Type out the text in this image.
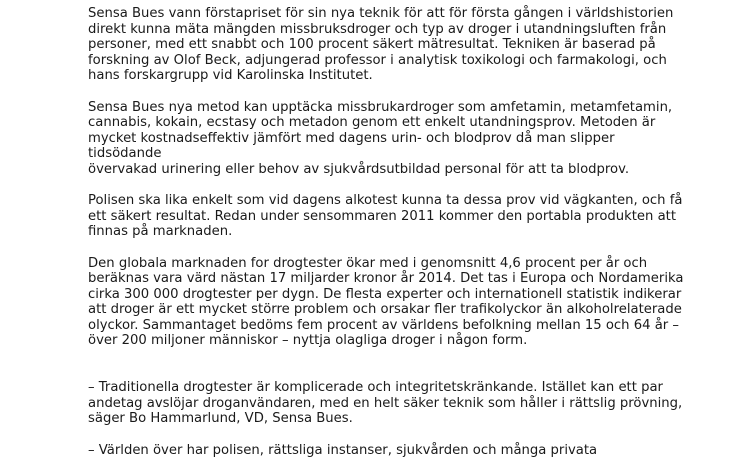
Sensa Bues vann förstapriset för sin nya teknik för att för första gången i världshistorien
direkt kunna mäta mängden missbruksdroger och typ av droger i utandningsluften från
personer, med ett snabbt och 100 procent säkert mätresultat. Tekniken är baserad på
forskning av Olof Beck, adjungerad professor i analytisk toxikologi och farmakologi, och
hans forskargrupp vid Karolinska Institutet.

Sensa Bues nya metod kan upptäcka missbrukardroger som amfetamin, metamfetamin,
cannabis, kokain, ecstasy och metadon genom ett enkelt utandningsprov. Metoden är
mycket kostnadseffektiv jämfört med dagens urin- och blodprov då man slipper tidsödande
övervakad urinering eller behov av sjukvårdsutbildad personal för att ta blodprov.

Polisen ska lika enkelt som vid dagens alkotest kunna ta dessa prov vid vägkanten, och få
ett säkert resultat. Redan under sensommaren 2011 kommer den portabla produkten att
finnas på marknaden.

Den globala marknaden for drogtester ökar med i genomsnitt 4,6 procent per år och
beräknas vara värd nästan 17 miljarder kronor år 2014. Det tas i Europa och Nordamerika
cirka 300 000 drogtester per dygn. De flesta experter och internationell statistik indikerar
att droger är ett mycket större problem och orsakar fler trafikolyckor än alkoholrelaterade
olyckor. Sammantaget bedöms fem procent av världens befolkning mellan 15 och 64 år –
över 200 miljoner människor – nyttja olagliga droger i någon form.

– Traditionella drogtester är komplicerade och integritetskränkande. Istället kan ett par
andetag avslöjar droganvändaren, med en helt säker teknik som håller i rättslig prövning,
säger Bo Hammarlund, VD, Sensa Bues.

– Världen över har polisen, rättsliga instanser, sjukvården och många privata
